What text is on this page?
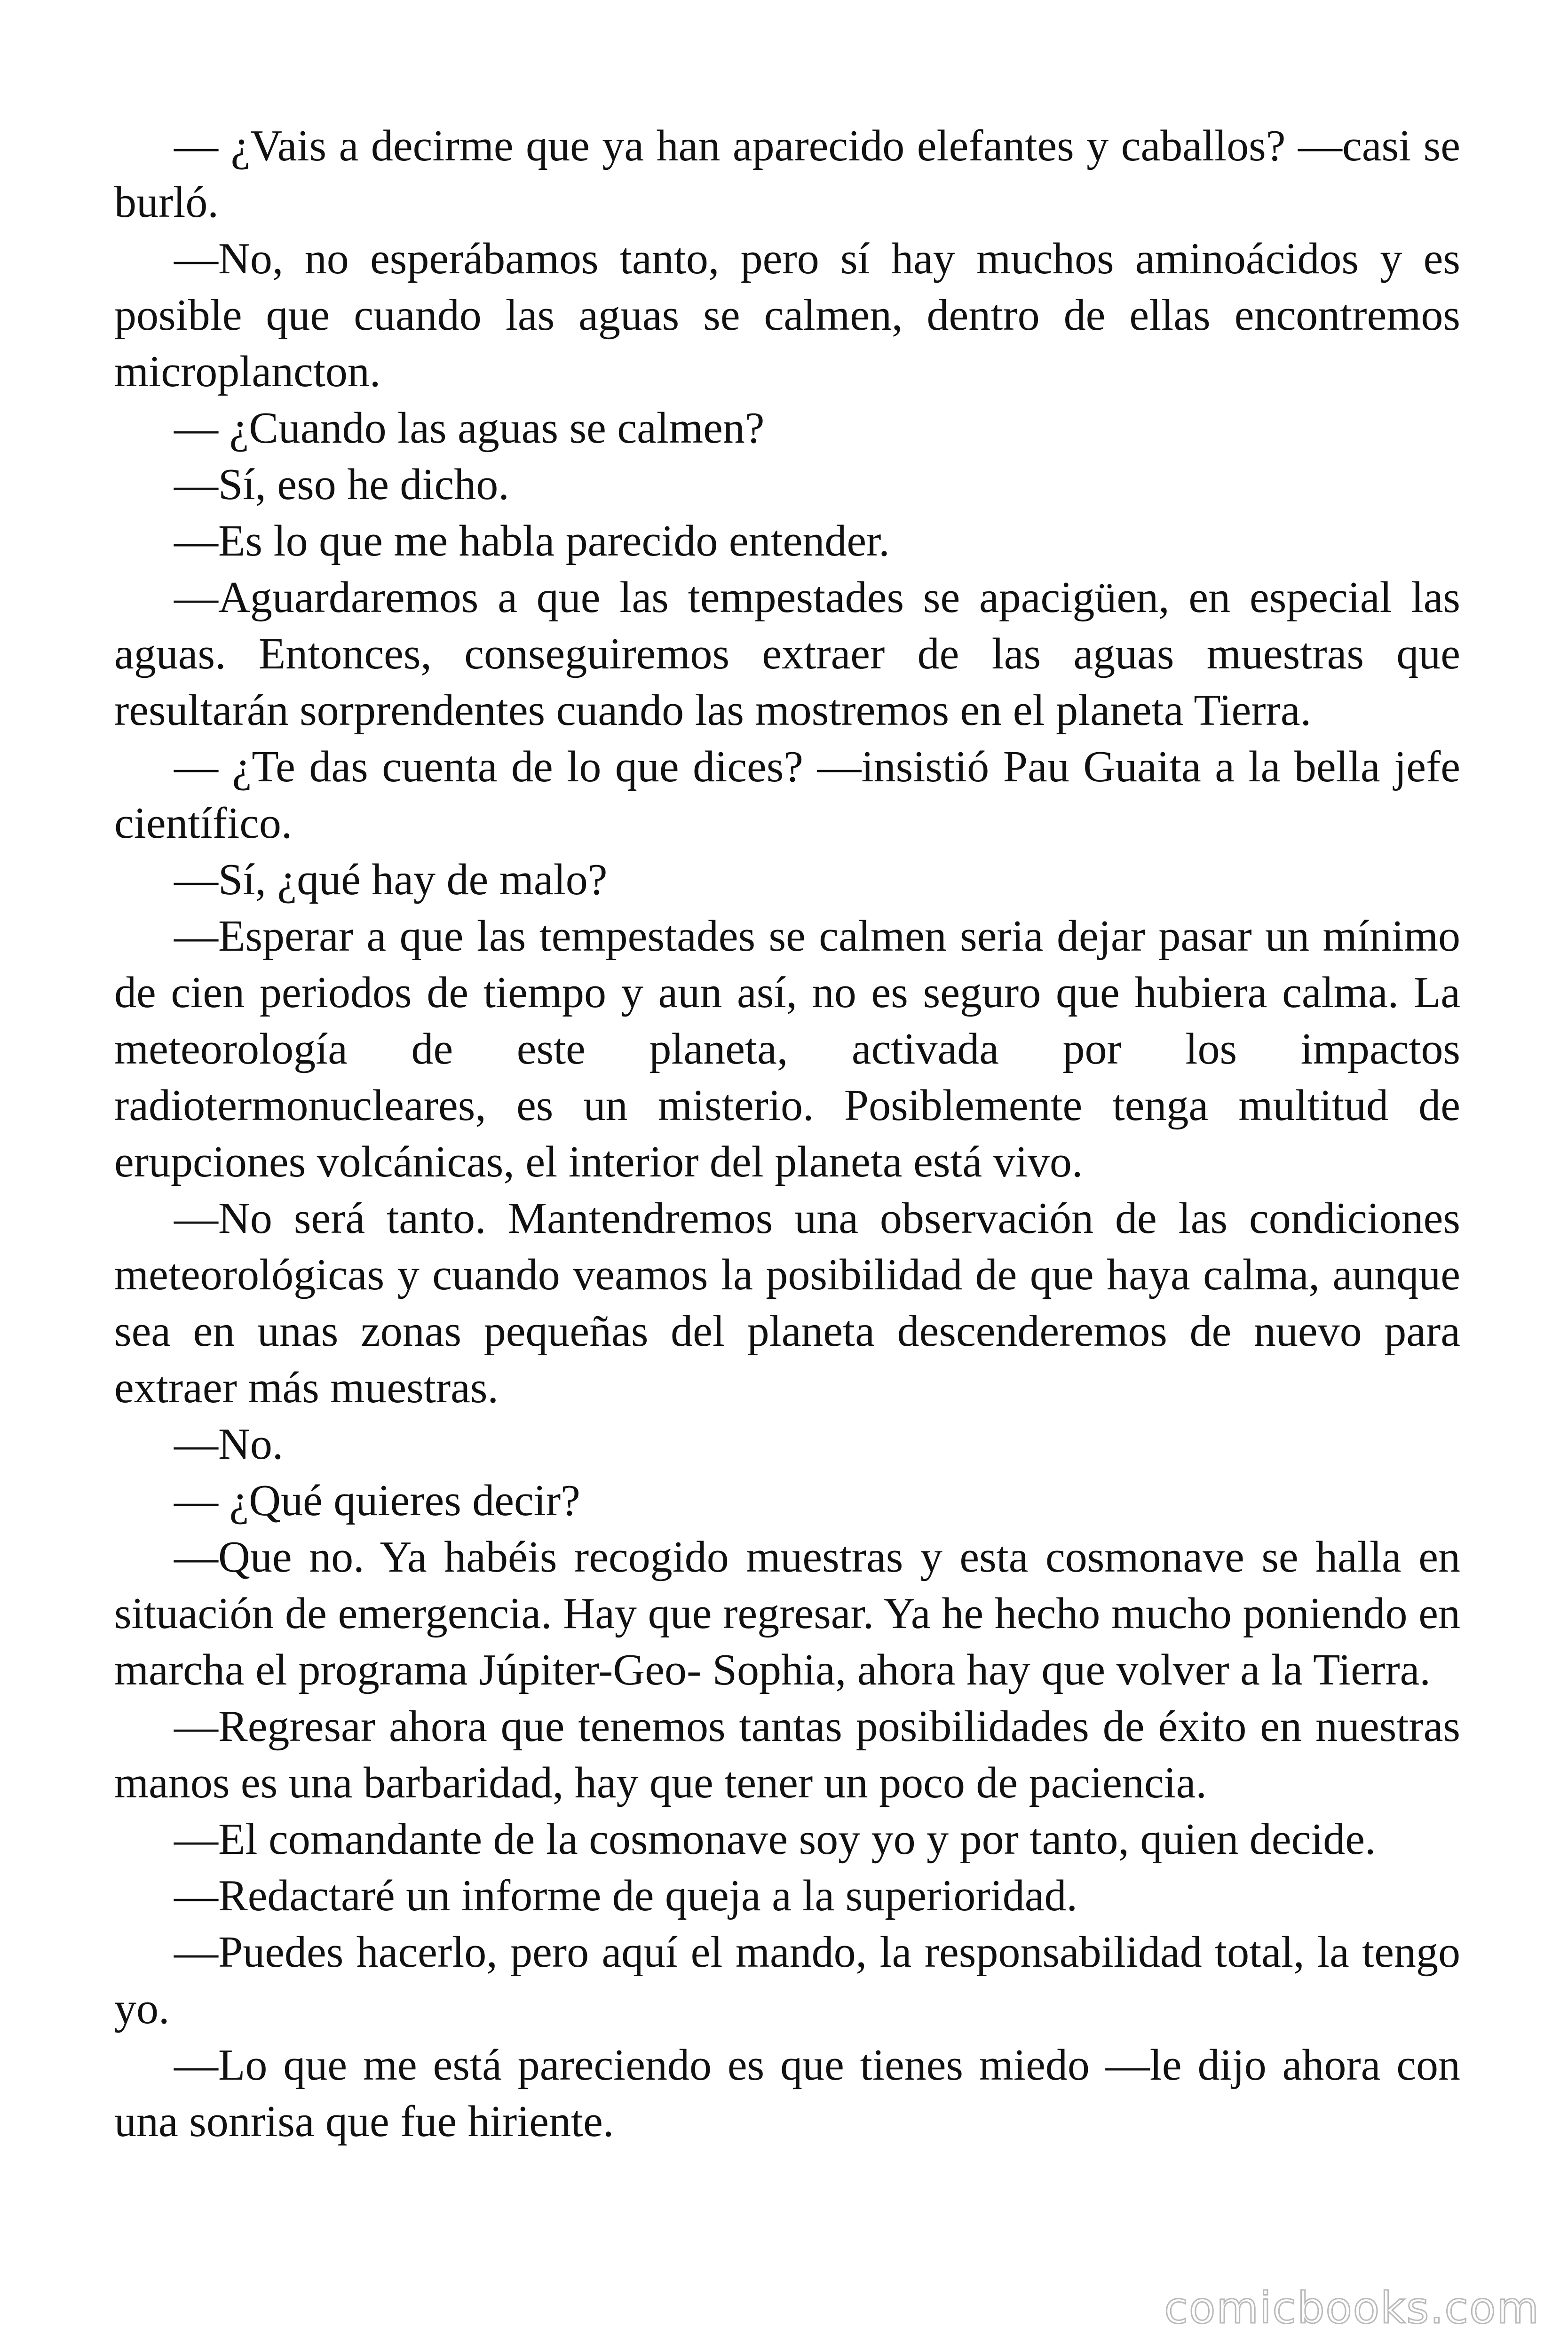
— ¿Vais a decirme que ya han aparecido elefantes y caballos? —casi se burló.

—No, no esperábamos tanto, pero sí hay muchos aminoácidos y es posible que cuando las aguas se calmen, dentro de ellas encontremos microplancton.

— ¿Cuando las aguas se calmen?

—Sí, eso he dicho.

—Es lo que me habla parecido entender.

—Aguardaremos a que las tempestades se apacigüen, en especial las aguas. Entonces, conseguiremos extraer de las aguas muestras que resultarán sorprendentes cuando las mostremos en el planeta Tierra.

— ¿Te das cuenta de lo que dices? —insistió Pau Guaita a la bella jefe científico.

—Sí, ¿qué hay de malo?

—Esperar a que las tempestades se calmen seria dejar pasar un mínimo de cien periodos de tiempo y aun así, no es seguro que hubiera calma. La meteorología de este planeta, activada por los impactos radiotermonucleares, es un misterio. Posiblemente tenga multitud de erupciones volcánicas, el interior del planeta está vivo.

—No será tanto. Mantendremos una observación de las condiciones meteorológicas y cuando veamos la posibilidad de que haya calma, aunque sea en unas zonas pequeñas del planeta descenderemos de nuevo para extraer más muestras.

—No.

— ¿Qué quieres decir?

—Que no. Ya habéis recogido muestras y esta cosmonave se halla en situación de emergencia. Hay que regresar. Ya he hecho mucho poniendo en marcha el programa Júpiter-Geo- Sophia, ahora hay que volver a la Tierra.

—Regresar ahora que tenemos tantas posibilidades de éxito en nuestras manos es una barbaridad, hay que tener un poco de paciencia.

—El comandante de la cosmonave soy yo y por tanto, quien decide.

—Redactaré un informe de queja a la superioridad.

—Puedes hacerlo, pero aquí el mando, la responsabilidad total, la tengo yo.

—Lo que me está pareciendo es que tienes miedo —le dijo ahora con una sonrisa que fue hiriente.

comicbooks.com
